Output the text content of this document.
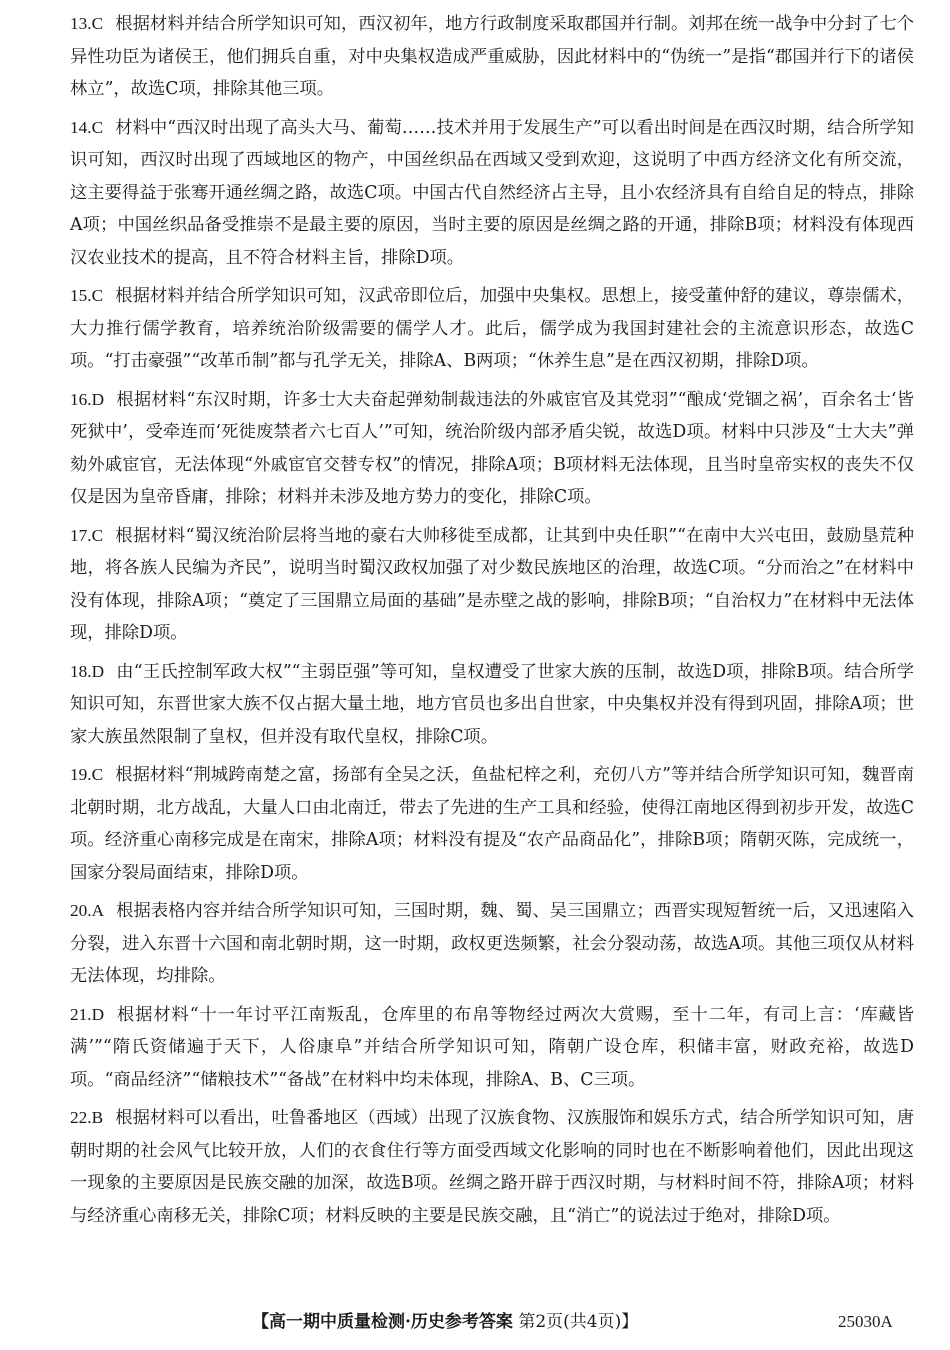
13.C 根据材料并结合所学知识可知，西汉初年，地方行政制度采取郡国并行制。刘邦在统一战争中分封了七个异性功臣为诸侯王，他们拥兵自重，对中央集权造成严重威胁，因此材料中的“伪统一”是指“郡国并行下的诸侯林立”，故选C项，排除其他三项。

14.C 材料中“西汉时出现了高头大马、葡萄……技术并用于发展生产”可以看出时间是在西汉时期，结合所学知识可知，西汉时出现了西域地区的物产，中国丝织品在西域又受到欢迎，这说明了中西方经济文化有所交流，这主要得益于张骞开通丝绸之路，故选C项。中国古代自然经济占主导，且小农经济具有自给自足的特点，排除A项；中国丝织品备受推崇不是最主要的原因，当时主要的原因是丝绸之路的开通，排除B项；材料没有体现西汉农业技术的提高，且不符合材料主旨，排除D项。

15.C 根据材料并结合所学知识可知，汉武帝即位后，加强中央集权。思想上，接受董仲舒的建议，尊崇儒术，大力推行儒学教育，培养统治阶级需要的儒学人才。此后，儒学成为我国封建社会的主流意识形态，故选C项。“打击豪强”“改革币制”都与孔学无关，排除A、B两项；“休养生息”是在西汉初期，排除D项。

16.D 根据材料“东汉时期，许多士大夫奋起弹劾制裁违法的外戚宦官及其党羽”“酿成‘党锢之祸’，百余名士‘皆死狱中’，受牵连而‘死徙废禁者六七百人’”可知，统治阶级内部矛盾尖锐，故选D项。材料中只涉及“士大夫”弹劾外戚宦官，无法体现“外戚宦官交替专权”的情况，排除A项；B项材料无法体现，且当时皇帝实权的丧失不仅仅是因为皇帝昏庸，排除；材料并未涉及地方势力的变化，排除C项。

17.C 根据材料“蜀汉统治阶层将当地的豪右大帅移徙至成都，让其到中央任职”“在南中大兴屯田，鼓励垦荒种地，将各族人民编为齐民”，说明当时蜀汉政权加强了对少数民族地区的治理，故选C项。“分而治之”在材料中没有体现，排除A项；“奠定了三国鼎立局面的基础”是赤壁之战的影响，排除B项；“自治权力”在材料中无法体现，排除D项。

18.D 由“王氏控制军政大权”“主弱臣强”等可知，皇权遭受了世家大族的压制，故选D项，排除B项。结合所学知识可知，东晋世家大族不仅占据大量土地，地方官员也多出自世家，中央集权并没有得到巩固，排除A项；世家大族虽然限制了皇权，但并没有取代皇权，排除C项。

19.C 根据材料“荆城跨南楚之富，扬部有全吴之沃，鱼盐杞梓之利，充仞八方”等并结合所学知识可知，魏晋南北朝时期，北方战乱，大量人口由北南迁，带去了先进的生产工具和经验，使得江南地区得到初步开发，故选C项。经济重心南移完成是在南宋，排除A项；材料没有提及“农产品商品化”，排除B项；隋朝灭陈，完成统一，国家分裂局面结束，排除D项。

20.A 根据表格内容并结合所学知识可知，三国时期，魏、蜀、吴三国鼎立；西晋实现短暂统一后，又迅速陷入分裂，进入东晋十六国和南北朝时期，这一时期，政权更迭频繁，社会分裂动荡，故选A项。其他三项仅从材料无法体现，均排除。

21.D 根据材料“十一年讨平江南叛乱，仓库里的布帛等物经过两次大赏赐，至十二年，有司上言：‘库藏皆满’”“隋氏资储遍于天下，人俗康阜”并结合所学知识可知，隋朝广设仓库，积储丰富，财政充裕，故选D项。“商品经济”“储粮技术”“备战”在材料中均未体现，排除A、B、C三项。

22.B 根据材料可以看出，吐鲁番地区（西域）出现了汉族食物、汉族服饰和娱乐方式，结合所学知识可知，唐朝时期的社会风气比较开放，人们的衣食住行等方面受西域文化影响的同时也在不断影响着他们，因此出现这一现象的主要原因是民族交融的加深，故选B项。丝绸之路开辟于西汉时期，与材料时间不符，排除A项；材料与经济重心南移无关，排除C项；材料反映的主要是民族交融，且“消亡”的说法过于绝对，排除D项。

【高一期中质量检测·历史参考答案 第2页(共4页)】	25030A
